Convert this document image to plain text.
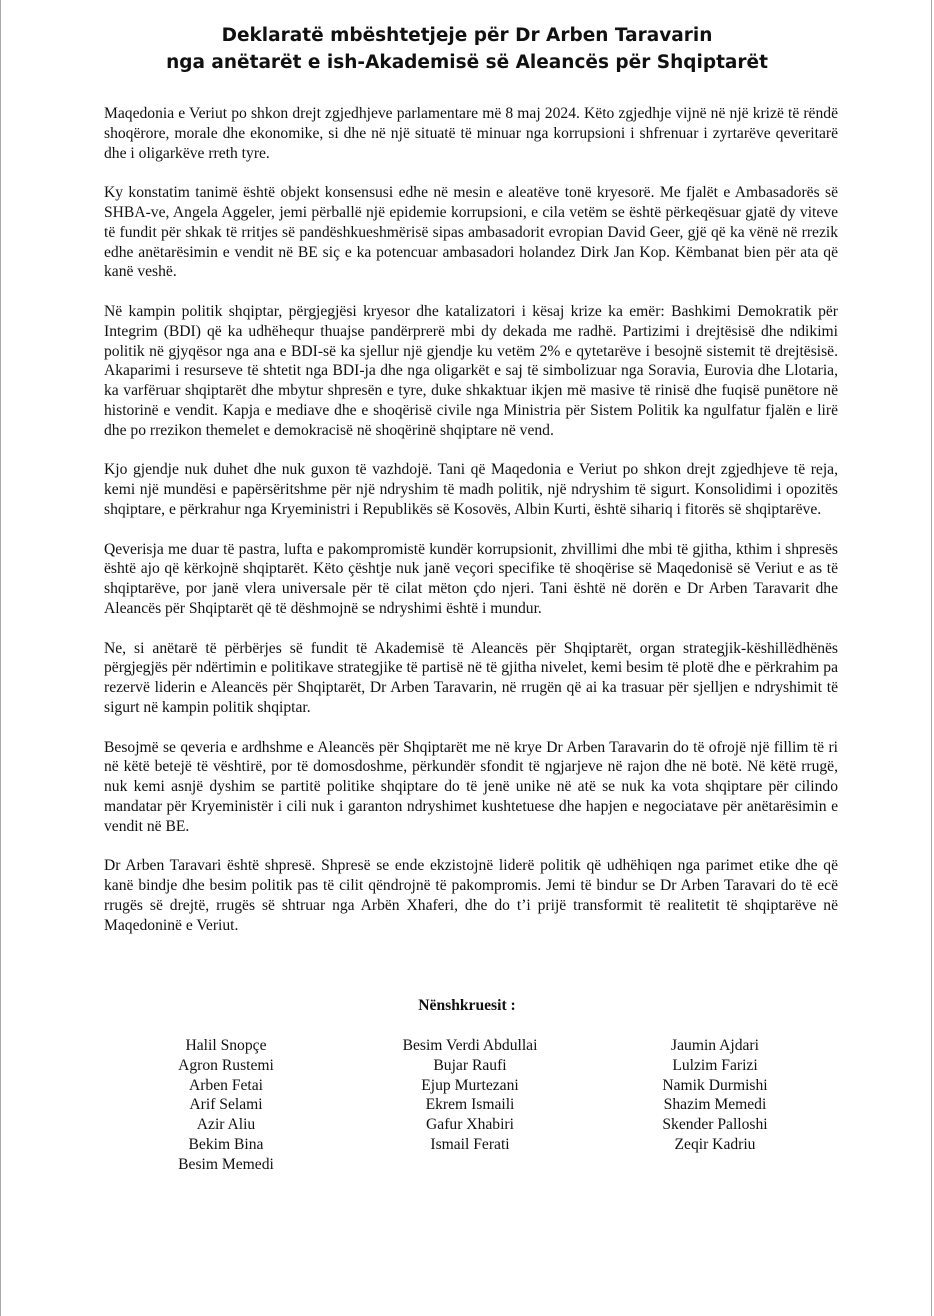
Deklaratë mbështetjeje për Dr Arben Taravarin
nga anëtarët e ish-Akademisë së Aleancës për Shqiptarët

Maqedonia e Veriut po shkon drejt zgjedhjeve parlamentare më 8 maj 2024. Këto zgjedhje vijnë në një krizë të rëndë shoqërore, morale dhe ekonomike, si dhe në një situatë të minuar nga korrupsioni i shfrenuar i zyrtarëve qeveritarë dhe i oligarkëve rreth tyre.

Ky konstatim tanimë është objekt konsensusi edhe në mesin e aleatëve tonë kryesorë. Me fjalët e Ambasadorës së SHBA-ve, Angela Aggeler, jemi përballë një epidemie korrupsioni, e cila vetëm se është përkeqësuar gjatë dy viteve të fundit për shkak të rritjes së pandëshkueshmërisë sipas ambasadorit evropian David Geer, gjë që ka vënë në rrezik edhe anëtarësimin e vendit në BE siç e ka potencuar ambasadori holandez Dirk Jan Kop. Këmbanat bien për ata që kanë veshë.

Në kampin politik shqiptar, përgjegjësi kryesor dhe katalizatori i kësaj krize ka emër: Bashkimi Demokratik për Integrim (BDI) që ka udhëhequr thuajse pandërprerë mbi dy dekada me radhë. Partizimi i drejtësisë dhe ndikimi politik në gjyqësor nga ana e BDI-së ka sjellur një gjendje ku vetëm 2% e qytetarëve i besojnë sistemit të drejtësisë. Akaparimi i resurseve të shtetit nga BDI-ja dhe nga oligarkët e saj të simbolizuar nga Soravia, Eurovia dhe Llotaria, ka varfëruar shqiptarët dhe mbytur shpresën e tyre, duke shkaktuar ikjen më masive të rinisë dhe fuqisë punëtore në historinë e vendit. Kapja e mediave dhe e shoqërisë civile nga Ministria për Sistem Politik ka ngulfatur fjalën e lirë dhe po rrezikon themelet e demokracisë në shoqërinë shqiptare në vend.

Kjo gjendje nuk duhet dhe nuk guxon të vazhdojë. Tani që Maqedonia e Veriut po shkon drejt zgjedhjeve të reja, kemi një mundësi e papërsëritshme për një ndryshim të madh politik, një ndryshim të sigurt. Konsolidimi i opozitës shqiptare, e përkrahur nga Kryeministri i Republikës së Kosovës, Albin Kurti, është sihariq i fitorës së shqiptarëve.

Qeverisja me duar të pastra, lufta e pakompromistë kundër korrupsionit, zhvillimi dhe mbi të gjitha, kthim i shpresës është ajo që kërkojnë shqiptarët. Këto çështje nuk janë veçori specifike të shoqërise së Maqedonisë së Veriut e as të shqiptarëve, por janë vlera universale për të cilat mëton çdo njeri. Tani është në dorën e Dr Arben Taravarit dhe Aleancës për Shqiptarët që të dëshmojnë se ndryshimi është i mundur.

Ne, si anëtarë të përbërjes së fundit të Akademisë të Aleancës për Shqiptarët, organ strategjik-këshillëdhënës përgjegjës për ndërtimin e politikave strategjike të partisë në të gjitha nivelet, kemi besim të plotë dhe e përkrahim pa rezervë liderin e Aleancës për Shqiptarët, Dr Arben Taravarin, në rrugën që ai ka trasuar për sjelljen e ndryshimit të sigurt në kampin politik shqiptar.

Besojmë se qeveria e ardhshme e Aleancës për Shqiptarët me në krye Dr Arben Taravarin do të ofrojë një fillim të ri në këtë betejë të vështirë, por të domosdoshme, përkundër sfondit të ngjarjeve në rajon dhe në botë. Në këtë rrugë, nuk kemi asnjë dyshim se partitë politike shqiptare do të jenë unike në atë se nuk ka vota shqiptare për cilindo mandatar për Kryeministër i cili nuk i garanton ndryshimet kushtetuese dhe hapjen e negociatave për anëtarësimin e vendit në BE.

Dr Arben Taravari është shpresë. Shpresë se ende ekzistojnë liderë politik që udhëhiqen nga parimet etike dhe që kanë bindje dhe besim politik pas të cilit qëndrojnë të pakompromis. Jemi të bindur se Dr Arben Taravari do të ecë rrugës së drejtë, rrugës së shtruar nga Arbën Xhaferi, dhe do t’i prijë transformit të realitetit të shqiptarëve në Maqedoninë e Veriut.

Nënshkruesit :
Halil Snopçe
Agron Rustemi
Arben Fetai
Arif Selami
Azir Aliu
Bekim Bina
Besim Memedi
Besim Verdi Abdullai
Bujar Raufi
Ejup Murtezani
Ekrem Ismaili
Gafur Xhabiri
Ismail Ferati
Jaumin Ajdari
Lulzim Farizi
Namik Durmishi
Shazim Memedi
Skender Palloshi
Zeqir Kadriu
